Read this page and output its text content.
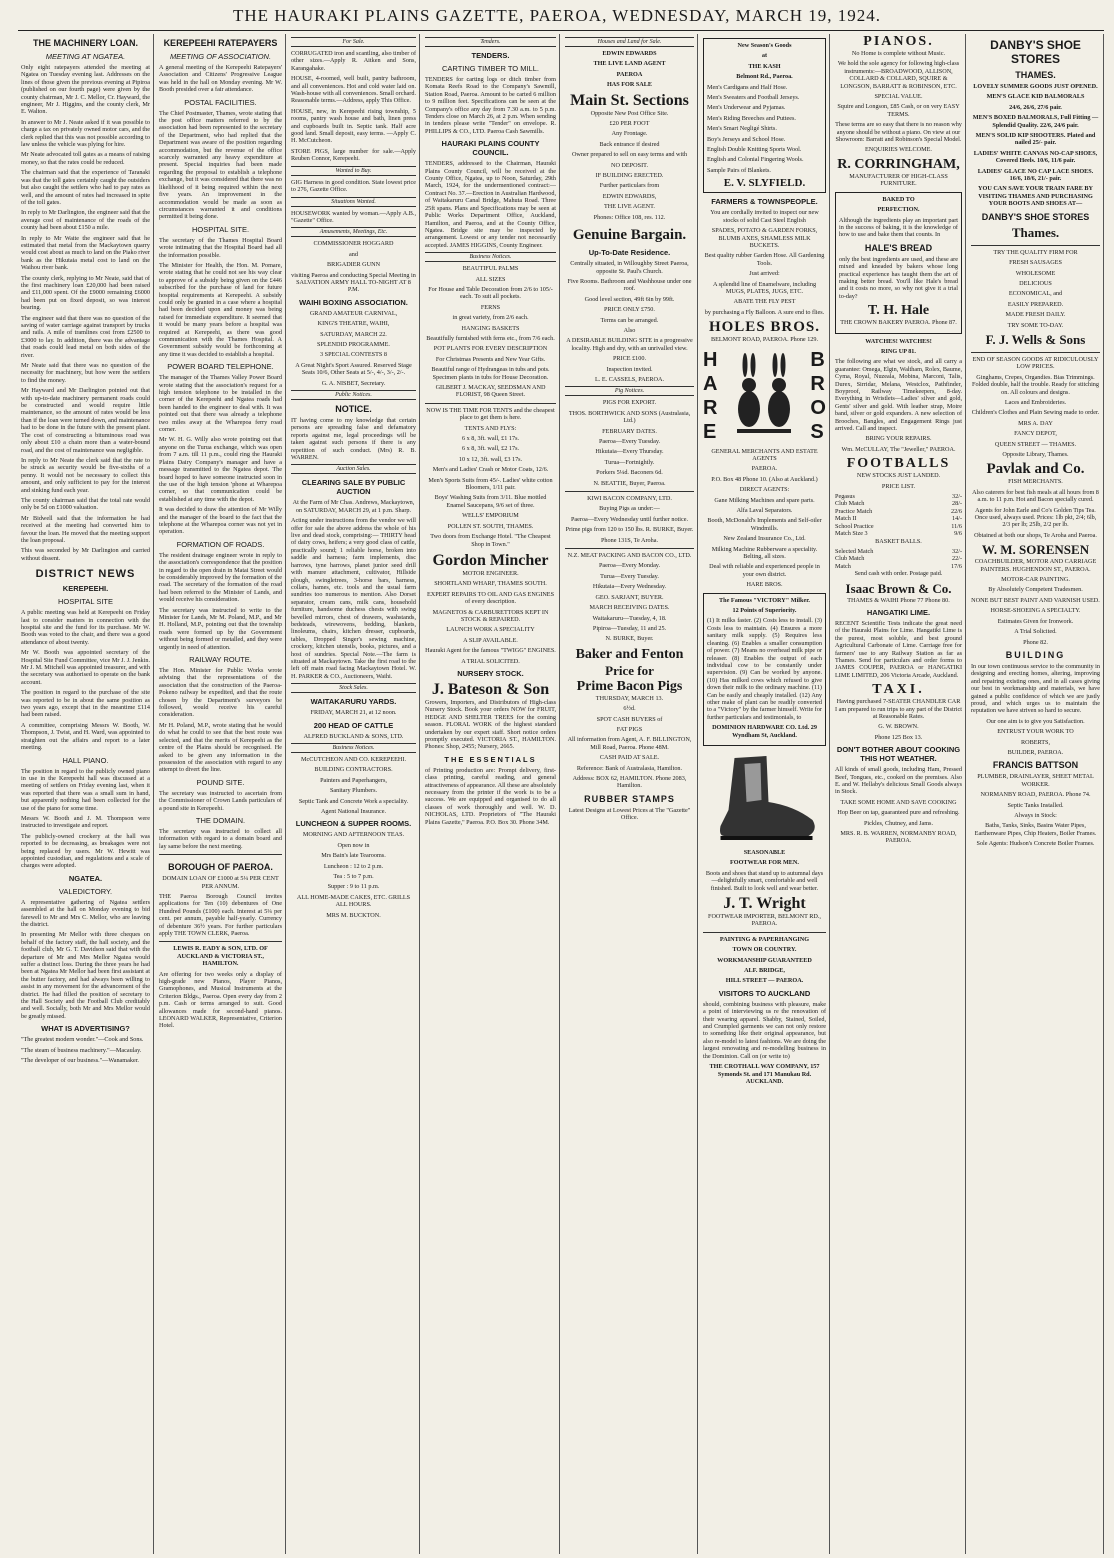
THE HAURAKI PLAINS GAZETTE, PAEROA, WEDNESDAY, MARCH 19, 1924.
THE MACHINERY LOAN.
MEETING AT NGATEA.

Only eight ratepayers attended the meeting at Ngatea on Tuesday evening last. Addresses on the lines of those given the previous evening at Pipiroa (published on our fourth page) were given by the county chairman, Mr J. C. Mellor, Cr. Hayward, the engineer, Mr J. Higgins, and the county clerk, Mr E. Walton.

In answer to Mr J. Neate asked if it was possible to charge a tax on privately owned motor cars, and the clerk replied that this was not possible according to law unless the vehicle was plying for hire.

Mr Neate advocated toll gates as a means of raising money, so that the rates could be reduced.

The chairman said that the experience of Taranaki was that the toll gates certainly caught the outsiders but also caught the settlers who had to pay rates as well, and the amount of rates had increased in spite of the toll gates.

In reply to Mr Darlington, the engineer said that the average cost of maintenance of the roads of the county had been about £150 a mile.

In reply to Mr Waite the engineer said that he estimated that metal from the Mackaytown quarry would cost about as much to land on the Piako river bank as the Hikutaia metal cost to land on the Waihou river bank.

The county clerk, replying to Mr Neate, said that of the first machinery loan £20,000 had been raised and £11,000 spent. Of the £9000 remaining £6000 had been put on fixed deposit, so was interest bearing.

The engineer said that there was no question of the saving of water carriage against transport by trucks and rails. A mile of tramlines cost from £2500 to £3000 to lay. In addition, there was the advantage that roads could lead metal on both sides of the river.

Mr Neate said that there was no question of the necessity for machinery, but how were the settlers to find the money.

Mr Hayward and Mr Darlington pointed out that with up-to-date machinery permanent roads could be constructed and would require little maintenance, so the amount of rates would be less than if the loan were turned down, and maintenance had to be done in the future with the present plant. The cost of constructing a bituminous road was only about £10 a chain more than a water-bound road, and the cost of maintenance was negligible.

In reply to Mr Neate the clerk said that the rate to be struck as security would be five-sixths of a penny. It would not be necessary to collect this amount, and only sufficient to pay for the interest and sinking fund each year.

The county chairman said that the total rate would only be 5d on £1000 valuation.

Mr Bidwell said that the information he had received at the meeting had converted him to favour the loan. He moved that the meeting support the loan proposal.

This was seconded by Mr Darlington and carried without dissent.

DISTRICT NEWS
KEREPEEHI.
HOSPITAL SITE

A public meeting was held at Kerepeehi on Friday last to consider matters in connection with the hospital site and the fund for its purchase. Mr W. Booth was voted to the chair, and there was a good attendance of about twenty.

Mr W. Booth was appointed secretary of the Hospital Site Fund Committee, vice Mr J. J. Jenkin. Mr J. M. Mitchell was appointed treasurer, and with the secretary was authorised to operate on the bank account.

The position in regard to the purchase of the site was reported to be in about the same position as two years ago, except that in the meantime £114 had been raised.

A committee, comprising Messrs W. Booth, W. Thompson, J. Twist, and H. Ward, was appointed to straighten out the affairs and report to a later meeting.

HALL PIANO.

The position in regard to the publicly owned piano in use in the Kerepeehi hall was discussed at a meeting of settlers on Friday evening last, when it was reported that there was a small sum in hand, but apparently nothing had been collected for the use of the piano for some time.

Messrs W. Booth and J. M. Thompson were instructed to investigate and report.

The publicly-owned crockery at the hall was reported to be decreasing, as breakages were not being replaced by users. Mr W. Hewitt was appointed custodian, and regulations and a scale of charges were adopted.

NGATEA.
VALEDICTORY.

A representative gathering of Ngatea settlers assembled at the hall on Monday evening to bid farewell to Mr and Mrs C. Mellor, who are leaving the district.

In presenting Mr Mellor with three cheques on behalf of the factory staff, the hall society, and the football club, Mr G. T. Davidson said that with the departure of Mr and Mrs Mellor Ngatea would suffer a distinct loss. During the three years he had been at Ngatea Mr Mellor had been first assistant at the butter factory, and had always been willing to assist in any movement for the advancement of the district. He had filled the position of secretary to the Hall Society and the Football Club creditably and well. Socially, both Mr and Mrs Mellor would be greatly missed.

WHAT IS ADVERTISING?

"The greatest modern wonder."—Cook and Sons.

"The steam of business machinery."—Macaulay.

"The developer of our business."—Wanamaker.

KEREPEEHI RATEPAYERS
MEETING OF ASSOCIATION.

A general meeting of the Kerepeehi Ratepayers' Association and Citizens' Progressive League was held in the hall on Monday evening. Mr W. Booth presided over a fair attendance.

POSTAL FACILITIES.

The Chief Postmaster, Thames, wrote stating that the post office matters referred to by the association had been represented to the secretary of the Department, who had replied that the Department was aware of the position regarding accommodation, but the revenue of the office scarcely warranted any heavy expenditure at present. Special inquiries had been made regarding the proposal to establish a telephone exchange, but it was considered that there was no likelihood of it being required within the next five years. An improvement in the accommodation would be made as soon as circumstances warranted it and conditions permitted it being done.

HOSPITAL SITE.

The secretary of the Thames Hospital Board wrote intimating that the Hospital Board had all the information possible.

The Minister for Health, the Hon. M. Pomare, wrote stating that he could not see his way clear to approve of a subsidy being given on the £446 subscribed for the purchase of land for future hospital requirements at Kerepeehi. A subsidy could only be granted in a case where a hospital had been decided upon and money was being raised for immediate expenditure. It seemed that it would be many years before a hospital was required at Kerepeehi, as there was good communication with the Thames Hospital. A Government subsidy would be forthcoming at any time it was decided to establish a hospital.

POWER BOARD TELEPHONE.

The manager of the Thames Valley Power Board wrote stating that the association's request for a high tension telephone to be installed in the corner of the Kerepeehi and Ngatea roads had been handed to the engineer to deal with. It was pointed out that there was already a telephone two miles away at the Wharepoa ferry road corner.

Mr W. H. G. Willy also wrote pointing out that anyone on the Turua exchange, which was open from 7 a.m. till 11 p.m., could ring the Hauraki Plains Dairy Company's manager and have a message transmitted to the Ngatea depot. The board hoped to have someone instructed soon in the use of the high tension 'phone at Wharepoa corner, so that communication could be established at any time with the depot.

It was decided to draw the attention of Mr Willy and the manager of the board to the fact that the telephone at the Wharepoa corner was not yet in operation.

FORMATION OF ROADS.

The resident drainage engineer wrote in reply to the association's correspondence that the position in regard to the open drain in Matai Street would be considerably improved by the formation of the road. The secretary of the formation of the road had been referred to the Minister of Lands, and would receive his consideration.

The secretary was instructed to write to the Minister for Lands, Mr M. Poland, M.P., and Mr H. Holland, M.P., pointing out that the township roads were formed up by the Government without being formed or metalled, and they were urgently in need of attention.

RAILWAY ROUTE.

The Hon. Minister for Public Works wrote advising that the representations of the association that the construction of the Paeroa-Pokeno railway be expedited, and that the route chosen by the Department's surveyors be followed, would receive his careful consideration.

Mr H. Poland, M.P., wrote stating that he would do what he could to see that the best route was selected, and that the merits of Kerepeehi as the centre of the Plains should be recognised. He asked to be given any information in the possession of the association with regard to any attempt to divert the line.

POUND SITE.

The secretary was instructed to ascertain from the Commissioner of Crown Lands particulars of a pound site in Kerepeehi.

THE DOMAIN.

The secretary was instructed to collect all information with regard to a domain board and lay same before the next meeting.

BOROUGH OF PAEROA.

DOMAIN LOAN OF £1000 at 5¼ PER CENT PER ANNUM.

THE Paeroa Borough Council invites applications for Ten (10) debentures of One Hundred Pounds (£100) each. Interest at 5¼ per cent. per annum, payable half-yearly. Currency of debenture 36½ years. For further particulars apply THE TOWN CLERK, Paeroa.

LEWIS R. EADY & SON, LTD. OF AUCKLAND & VICTORIA ST., HAMILTON.

Are offering for two weeks only a display of high-grade new Pianos, Player Pianos, Gramophones, and Musical Instruments at the Criterion Bldgs., Paeroa. Open every day from 2 p.m. Cash or terms arranged to suit. Good allowances made for second-hand pianos. LEONARD WALKER, Representative, Criterion Hotel.

For Sale.

CORRUGATED iron and scantling, also timber of other sizes.—Apply R. Aitken and Sons, Karangahake.

HOUSE, 4-roomed, well built, pantry bathroom, and all conveniences. Hot and cold water laid on. Wash-house with all conveniences. Small orchard. Reasonable terms.—Address, apply This Office.

HOUSE, new, in Kerepeehi rising township, 5 rooms, pantry wash house and bath, linen press and cupboards built in. Septic tank. Half acre good land. Small deposit, easy terms. —Apply C. H. McCutcheon.

STORE PIGS, large number for sale.—Apply Reuben Connor, Kerepeehi.

Wanted to Buy.

GIG Harness in good condition. State lowest price to 276, Gazette Office.

Situations Wanted.

HOUSEWORK wanted by woman.—Apply A.B., "Gazette" Office.

Amusements, Meetings, Etc.

COMMISSIONER HOGGARD

and

BRIGADIER GUNN

visiting Paeroa and conducting Special Meeting in SALVATION ARMY HALL TO-NIGHT AT 8 P.M.

WAIHI BOXING ASSOCIATION.

GRAND AMATEUR CARNIVAL,

KING'S THEATRE, WAIHI,

SATURDAY, MARCH 22.

SPLENDID PROGRAMME.

3 SPECIAL CONTESTS 8

A Great Night's Sport Assured. Reserved Stage Seats 10/6, Other Seats at 5/-, 4/-, 3/-, 2/-.

G. A. NISBET, Secretary.

Public Notices.
NOTICE.

IT having come to my knowledge that certain persons are spreading false and defamatory reports against me, legal proceedings will be taken against such persons if there is any repetition of such conduct. (Mrs) R. B. WARREN.

Auction Sales.
CLEARING SALE BY PUBLIC AUCTION

At the Farm of Mr Chas. Andrews, Mackaytown, on SATURDAY, MARCH 29, at 1 p.m. Sharp.

Acting under instructions from the vendor we will offer for sale the above address the whole of his live and dead stock, comprising:— THIRTY head of dairy cows, heifers; a very good class of cattle, practically sound; 1 reliable horse, broken into saddle and harness; farm implements, disc harrows, tyne harrows, planet junior seed drill with manure attachment, cultivator, Hillside plough, swingletrees, 3-horse bars, harness, collars, hames, etc. tools and the usual farm sundries too numerous to mention. Also Dorset separator, cream cans, milk cans, household furniture, handsome duchess chests with swing bevelled mirrors, chest of drawers, washstands, bedsteads, wirewovens, bedding, blankets, linoleums, chairs, kitchen dresser, cupboards, tables, Dropped Singer's sewing machine, crockery, kitchen utensils, books, pictures, and a host of sundries. Special Note.—The farm is situated at Mackaytown. Take the first road to the left off main road facing Mackaytown Hotel. W. H. PARKER & CO., Auctioneers, Waihi.

Stock Sales.
WAITAKARURU YARDS.

FRIDAY, MARCH 21, at 12 noon.

200 HEAD OF CATTLE

ALFRED BUCKLAND & SONS, LTD.

Business Notices.

McCUTCHEON AND CO. KEREPEEHI.

BUILDING CONTRACTORS.

Painters and Paperhangers,

Sanitary Plumbers.

Septic Tank and Concrete Work a speciality.

Agent National Insurance.

LUNCHEON & SUPPER ROOMS.

MORNING AND AFTERNOON TEAS.

Open now in

Mrs Bain's late Tearooms.

Luncheon : 12 to 2 p.m.

Tea : 5 to 7 p.m.

Supper : 9 to 11 p.m.

ALL HOME-MADE CAKES, ETC. GRILLS ALL HOURS.

MRS M. BUCKTON.

Tenders.
TENDERS.
CARTING TIMBER TO MILL.

TENDERS for carting logs or ditch timber from Komata Reefs Road to the Company's Sawmill, Station Road, Paeroa. Amount to be carted 6 million to 9 million feet. Specifications can be seen at the Company's office any day from 7.30 a.m. to 5 p.m. Tenders close on March 26, at 2 p.m. When sending in tenders please write "Tender" on envelope. R. PHILLIPS & CO., LTD. Paeroa Cash Sawmills.

HAURAKI PLAINS COUNTY COUNCIL.

TENDERS, addressed to the Chairman, Hauraki Plains County Council, will be received at the County Office, Ngatea, up to Noon, Saturday, 29th March, 1924, for the undermentioned contract:— Contract No. 37.—Erection in Australian Hardwood, of Waitakaruru Canal Bridge, Mahuta Road. Three 25ft spans. Plans and Specifications may be seen at Public Works Department Office, Auckland, Hamilton, and Paeroa, and at the County Office, Ngatea. Bridge site may be inspected by arrangement. Lowest or any tender not necessarily accepted. JAMES HIGGINS, County Engineer.

Business Notices.

BEAUTIFUL PALMS

ALL SIZES

For House and Table Decoration from 2/6 to 105/- each. To suit all pockets.

FERNS

in great variety, from 2/6 each.

HANGING BASKETS

Beautifully furnished with ferns etc., from 7/6 each.

POT PLANTS FOR EVERY DESCRIPTION

For Christmas Presents and New Year Gifts.

Beautiful range of Hydrangeas in tubs and pots. Specimen plants in tubs for House Decoration.

GILBERT J. MACKAY, SEEDSMAN AND FLORIST, 98 Queen Street.

NOW IS THE TIME FOR TENTS and the cheapest place to get them is here.

TENTS AND FLYS:

6 x 8, 3ft. wall, £1 17s.

6 x 8, 3ft. wall, £2 17s.

10 x 12, 3ft. wall, £3 17s.

Men's and Ladies' Crash or Motor Coats, 12/6.

Men's Sports Suits from 45/-. Ladies' white cotton Bloomers, 1/11 pair.

Boys' Washing Suits from 3/11. Blue mottled Enamel Saucepans, 9/6 set of three.

WELLS' EMPORIUM

POLLEN ST. SOUTH, THAMES.

Two doors from Exchange Hotel. "The Cheapest Shop in Town."

Gordon Mincher

MOTOR ENGINEER.

SHORTLAND WHARF, THAMES SOUTH.

EXPERT REPAIRS TO OIL AND GAS ENGINES of every description.

MAGNETOS & CARBURETTORS KEPT IN STOCK & REPAIRED.

LAUNCH WORK A SPECIALITY

A SLIP AVAILABLE.

Hauraki Agent for the famous "TWIGG" ENGINES.

A TRIAL SOLICITED.

NURSERY STOCK.
J. Bateson & Son

Growers, Importers, and Distributors of High-class Nursery Stock. Book your orders NOW for FRUIT, HEDGE AND SHELTER TREES for the coming season. FLORAL WORK of the highest standard undertaken by our expert staff. Short notice orders promptly executed. VICTORIA ST., HAMILTON. Phones: Shop, 2455; Nursery, 2665.

THE ESSENTIALS

of Printing production are: Prompt delivery, first-class printing, careful reading, and general attractiveness of appearance. All these are absolutely necessary from the printer if the work is to be a success. We are equipped and organised to do all classes of work thoroughly and well. W. D. NICHOLAS, LTD. Proprietors of "The Hauraki Plains Gazette," Paeroa. P.O. Box 30. Phone 34M.

Houses and Land for Sale.

EDWIN EDWARDS

THE LIVE LAND AGENT

PAEROA

HAS FOR SALE

Main St. Sections

Opposite New Post Office Site.

£20 PER FOOT

Any Frontage.

Back entrance if desired

Owner prepared to sell on easy terms and with

NO DEPOSIT.

IF BUILDING ERECTED.

Further particulars from

EDWIN EDWARDS,

THE LIVE AGENT.

Phones: Office 108, res. 112.

Genuine Bargain.
Up-To-Date Residence.

Centrally situated, in Willoughby Street Paeroa, opposite St. Paul's Church.

Five Rooms. Bathroom and Washhouse under one roof.

Good level section, 49ft 6in by 99ft.

PRICE ONLY £750.

Terms can be arranged.

Also

A DESIRABLE BUILDING SITE in a progressive locality. High and dry, with an unrivalled view.

PRICE £100.

Inspection invited.

L. E. CASSELS, PAEROA.

Pig Notices.

PIGS FOR EXPORT.

THOS. BORTHWICK AND SONS (Australasia, Ltd.)

FEBRUARY DATES.

Paeroa—Every Tuesday.

Hikutaia—Every Thursday.

Turua—Fortnightly.

Porkers 5¼d. Baconers 6d.

N. BEATTIE, Buyer, Paeroa.

KIWI BACON COMPANY, LTD.

Buying Pigs as under:—

Paeroa—Every Wednesday until further notice.

Prime pigs from 120 to 150 lbs. R. BURKE, Buyer.

Phone 131S, Te Aroha.

N.Z. MEAT PACKING AND BACON CO., LTD.

Paeroa—Every Monday.

Turua—Every Tuesday.

Hikutaia—Every Wednesday.

GEO. SARJANT, BUYER.

MARCH RECEIVING DATES.

Waitakaruru—Tuesday, 4, 18.

Pipiroa—Tuesday, 11 and 25.

N. BURKE, Buyer.

Baker and Fenton
Price for
Prime Bacon Pigs

THURSDAY, MARCH 13.

6½d.

SPOT CASH BUYERS of

FAT PIGS

All information from Agent, A. F. BILLINGTON, Mill Road, Paeroa. Phone 48M.

CASH PAID AT SALE.

Reference: Bank of Australasia, Hamilton.

Address: BOX 62, HAMILTON. Phone 2083, Hamilton.

RUBBER STAMPS

Latest Designs at Lowest Prices at The "Gazette" Office.

New Season's Goods

at

THE KASH

Belmont Rd., Paeroa.

Men's Cardigans and Half Hose.

Men's Sweaters and Football Jerseys.

Men's Underwear and Pyjamas.

Men's Riding Breeches and Puttees.

Men's Smart Negligé Shirts.

Boy's Jerseys and School Hose.

English Double Knitting Sports Wool.

English and Colonial Fingering Wools.

Sample Pairs of Blankets.

E. V. SLYFIELD.
FARMERS & TOWNSPEOPLE.

You are cordially invited to inspect our new stocks of solid Cast Steel English

SPADES, POTATO & GARDEN FORKS, BLUMB AXES, SHAMLESS MILK BUCKETS.

Best quality rubber Garden Hose. All Gardening Tools.

Just arrived:

A splendid line of Enamelware, including MUGS, PLATES, JUGS, ETC.

ABATE THE FLY PEST

by purchasing a Fly Balloon. A sure end to flies.

HOLES BROS.

BELMONT ROAD, PAEROA. Phone 129.

H
A
R
E
B
R
O
S

GENERAL MERCHANTS AND ESTATE AGENTS

PAEROA.

P.O. Box 48 Phone 10. (Also at Auckland.)

DIRECT AGENTS:

Gane Milking Machines and spare parts.

Alfa Laval Separators.

Booth, McDonald's Implements and Self-oiler Windmills.

New Zealand Insurance Co., Ltd.

Milking Machine Rubberware a speciality. Belting, all sizes.

Deal with reliable and experienced people in your own district.

HARE BROS.

The Famous "VICTORY" Milker.

12 Points of Superiority.

(1) It milks faster. (2) Costs less to install. (3) Costs less to maintain. (4) Ensures a more sanitary milk supply. (5) Requires less cleaning. (6) Enables a smaller consumption of power. (7) Means no overhead milk pipe or releaser. (8) Enables the output of each individual cow to be constantly under supervision. (9) Can be worked by anyone. (10) Has milked cows which refused to give down their milk to the ordinary machine. (11) Can be easily and cheaply installed. (12) Any other make of plant can be readily converted to a "Victory" by the farmer himself. Write for further particulars and testimonials, to

DOMINION HARDWARE CO. Ltd. 29 Wyndham St, Auckland.

SEASONABLE

FOOTWEAR FOR MEN.

Boots and shoes that stand up to autumnal days—delightfully smart, comfortable and well finished. Built to look well and wear better.

J. T. Wright

FOOTWEAR IMPORTER, BELMONT RD., PAEROA.

PAINTING & PAPERHANGING

TOWN OR COUNTRY.

WORKMANSHIP GUARANTEED

ALF. BRIDGE,

HILL STREET — PAEROA.

VISITORS TO AUCKLAND

should, combining business with pleasure, make a point of interviewing us re the renovation of their wearing apparel. Shabby, Stained, Soiled, and Crumpled garments we can not only restore to something like their original appearance, but also re-model to latest fashions. We are doing the largest renovating and re-modelling business in the Dominion. Call on (or write to)

THE CROTHALL WAY COMPANY, 157 Symonds St. and 171 Manukau Rd. AUCKLAND.

PIANOS.

No Home is complete without Music.

We hold the sole agency for following high-class instruments:—BROADWOOD, ALLISON, COLLARD & COLLARD, SQUIRE & LONGSON, BARRATT & ROBINSON, ETC.

SPECIAL VALUE.

Squire and Longson, £85 Cash, or on very EASY TERMS.

These terms are so easy that there is no reason why anyone should be without a piano. On view at our Showroom: Barratt and Robinson's Special Model.

ENQUIRIES WELCOME.

R. CORRINGHAM,

MANUFACTURER OF HIGH-CLASS FURNITURE.

BAKED TO

PERFECTION.

Although the ingredients play an important part in the success of baking, it is the knowledge of how to use and bake them that counts. In

HALE'S BREAD

only the best ingredients are used, and these are mixed and kneaded by bakers whose long practical experience has taught them the art of making better bread. You'll like Hale's bread and it costs no more, so why not give it a trial to-day?

T. H. Hale

THE CROWN BAKERY PAEROA. Phone 87.

WATCHES! WATCHES!

RING UP 81.

The following are what we stock, and all carry a guarantee: Omega, Elgin, Waltham, Rolex, Baume, Cyma, Royal, Nuzeala, Mobina, Marconi, Talis, Durex, Sirridar, Melana, Westclox, Pathfinder, Boyproof, Railway Timekeepers, 8-day. Everything in Wristlets—Ladies' silver and gold, Gents' silver and gold. With leather strap, Moire band, silver or gold expanders. A new selection of Brooches, Bangles, and Engagement Rings just arrived. Call and inspect.

BRING YOUR REPAIRS.

Wm. McCULLAY, The "Jeweller," PAEROA.

FOOTBALLS

NEW STOCKS JUST LANDED.

PRICE LIST.

Pegasus	32/-
Club Match	28/-
Practice Match	22/6
Match II	14/-
School Practice	11/6
Match Size 3	9/6

BASKET BALLS.

Selected Match	32/-
Club Match	22/-
Match	17/6

Send cash with order. Postage paid.

Isaac Brown & Co.

THAMES & WAIHI Phone 77 Phone 80.

HANGATIKI LIME.

RECENT Scientific Tests indicate the great need of the Hauraki Plains for Lime. Hangatiki Lime is the purest, most soluble, and best ground Agricultural Carbonate of Lime. Carriage free for farmers' use to any Railway Station as far as Thames. Send for particulars and order forms to JAMES COUPER, PAEROA or HANGATIKI LIME LIMITED, 206 Victoria Arcade, Auckland.

TAXI.

Having purchased 7-SEATER CHANDLER CAR I am prepared to run trips to any part of the District at Reasonable Rates.

G. W. BROWN.

Phone 125 Box 13.

DON'T BOTHER ABOUT COOKING THIS HOT WEATHER.

All kinds of small goods, including Ham, Pressed Beef, Tongues, etc., cooked on the premises. Also E. and W. Hellaby's delicious Small Goods always in Stock.

TAKE SOME HOME AND SAVE COOKING

Hop Beer on tap, guaranteed pure and refreshing.

Pickles, Chutney, and Jams.

MRS. R. B. WARREN, NORMANBY ROAD, PAEROA.

DANBY'S SHOE STORES
THAMES.

LOVELY SUMMER GOODS JUST OPENED.

MEN'S GLACE KID BALMORALS

24/6, 26/6, 27/6 pair.

MEN'S BOXED BALMORALS, Full Fitting — Splendid Quality. 22/6, 24/6 pair.

MEN'S SOLID KIP SHOOTERS. Plated and nailed 25/- pair.

LADIES' WHITE CANVAS NO-CAP SHOES, Covered Heels. 10/6, 11/6 pair.

LADIES' GLACE NO CAP LACE SHOES. 16/6, 18/6, 21/- pair.

YOU CAN SAVE YOUR TRAIN FARE BY VISITING THAMES AND PURCHASING YOUR BOOTS AND SHOES AT—

DANBY'S SHOE STORES
Thames.

TRY THE QUALITY FIRM FOR

FRESH SAUSAGES

WHOLESOME

DELICIOUS

ECONOMICAL, and

EASILY PREPARED.

MADE FRESH DAILY.

TRY SOME TO-DAY.

F. J. Wells & Sons

END OF SEASON GOODS AT RIDICULOUSLY LOW PRICES.

Ginghams, Crepes, Organdies. Bias Trimmings. Folded double, half the trouble. Ready for stitching on. All colours and designs.

Laces and Embroideries.

Children's Clothes and Plain Sewing made to order.

MRS A. DAY

FANCY DEPOT,

QUEEN STREET — THAMES.

Opposite Library, Thames.

Pavlak and Co.

FISH MERCHANTS.

Also caterers for best fish meals at all hours from 8 a.m. to 11 p.m. Hot and Bacon specially cured.

Agents for John Earle and Co's Golden Tips Tea. Once used, always used. Prices: 1lb pkt, 2/4; 6lb, 2/3 per lb; 25lb, 2/2 per lb.

Obtained at both our shops, Te Aroha and Paeroa.

W. M. SORENSEN

COACHBUILDER, MOTOR AND CARRIAGE PAINTERS. HUGHENDON ST., PAEROA.

MOTOR-CAR PAINTING.

By Absolutely Competent Tradesmen.

NONE BUT BEST PAINT AND VARNISH USED.

HORSE-SHOEING A SPECIALTY.

Estimates Given for Ironwork.

A Trial Solicited.

Phone 82.

BUILDING

In our town continuous service to the community in designing and erecting homes, altering, improving and repairing existing ones, and in all cases giving our best in workmanship and materials, we have gained a public confidence of which we are justly proud, and which urges us to maintain the reputation we have striven so hard to secure.

Our one aim is to give you Satisfaction.

ENTRUST YOUR WORK TO

ROBERTS,

BUILDER, PAEROA.

FRANCIS BATTSON

PLUMBER, DRAINLAYER, SHEET METAL WORKER.

NORMANBY ROAD, PAEROA. Phone 74.

Septic Tanks Installed.

Always in Stock:

Baths, Tanks, Sinks, Basins Water Pipes, Earthenware Pipes, Chip Heaters, Boiler Frames.

Sole Agents: Hudson's Concrete Boiler Frames.
